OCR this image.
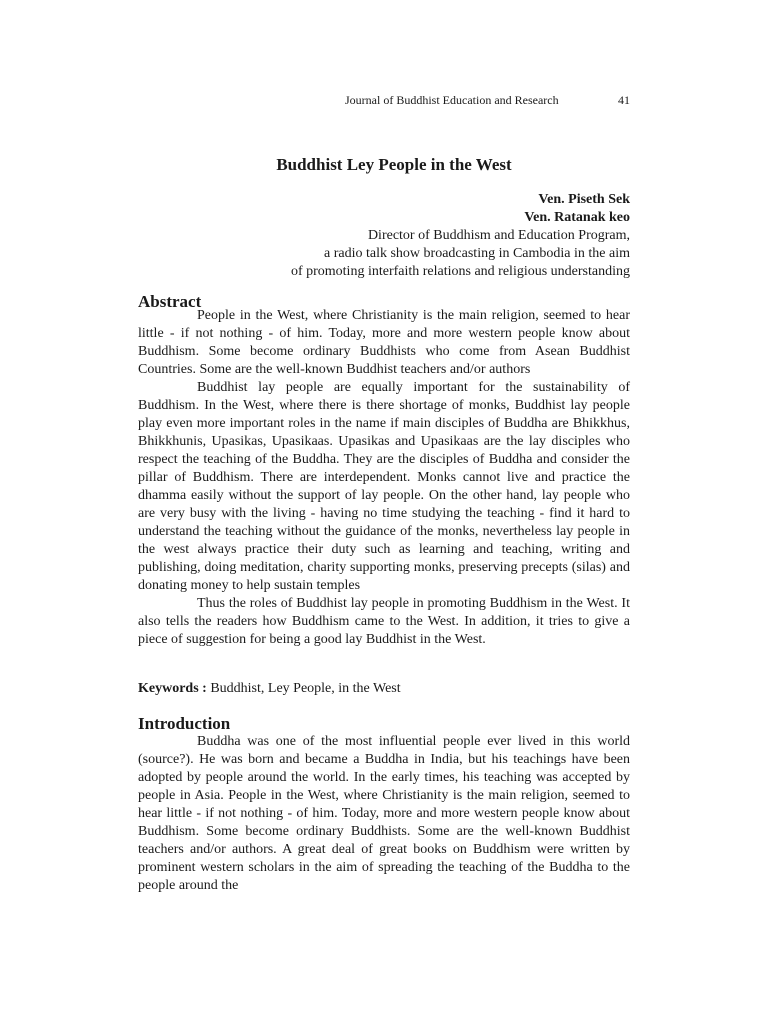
Journal of Buddhist Education and Research	41
Buddhist Ley People in the West
Ven. Piseth Sek
Ven. Ratanak keo
Director of Buddhism and Education Program,
a radio talk show broadcasting in Cambodia in the aim
of promoting interfaith relations and religious understanding
Abstract

People in the West, where Christianity is the main religion, seemed to hear little - if not nothing - of him. Today, more and more western people know about Buddhism. Some become ordinary Buddhists who come from Asean Buddhist Countries. Some are the well-known Buddhist teachers and/or authors

Buddhist lay people are equally important for the sustainability of Buddhism. In the West, where there is there shortage of monks, Buddhist lay people play even more important roles in the name if main disciples of Buddha are Bhikkhus, Bhikkhunis, Upasikas, Upasikaas. Upasikas and Upasikaas are the lay disciples who respect the teaching of the Buddha. They are the disciples of Buddha and consider the pillar of Buddhism. There are interdependent. Monks cannot live and practice the dhamma easily without the support of lay people. On the other hand, lay people who are very busy with the living - having no time studying the teaching - find it hard to understand the teaching without the guidance of the monks, nevertheless lay people in the west always practice their duty such as learning and teaching, writing and publishing, doing meditation, charity supporting monks, preserving precepts (silas) and donating money to help sustain temples

Thus the roles of Buddhist lay people in promoting Buddhism in the West. It also tells the readers how Buddhism came to the West. In addition, it tries to give a piece of suggestion for being a good lay Buddhist in the West.

Keywords : Buddhist, Ley People, in the West
Introduction

Buddha was one of the most influential people ever lived in this world (source?). He was born and became a Buddha in India, but his teachings have been adopted by people around the world. In the early times, his teaching was accepted by people in Asia. People in the West, where Christianity is the main religion, seemed to hear little - if not nothing - of him. Today, more and more western people know about Buddhism. Some become ordinary Buddhists. Some are the well-known Buddhist teachers and/or authors. A great deal of great books on Buddhism were written by prominent western scholars in the aim of spreading the teaching of the Buddha to the people around the
